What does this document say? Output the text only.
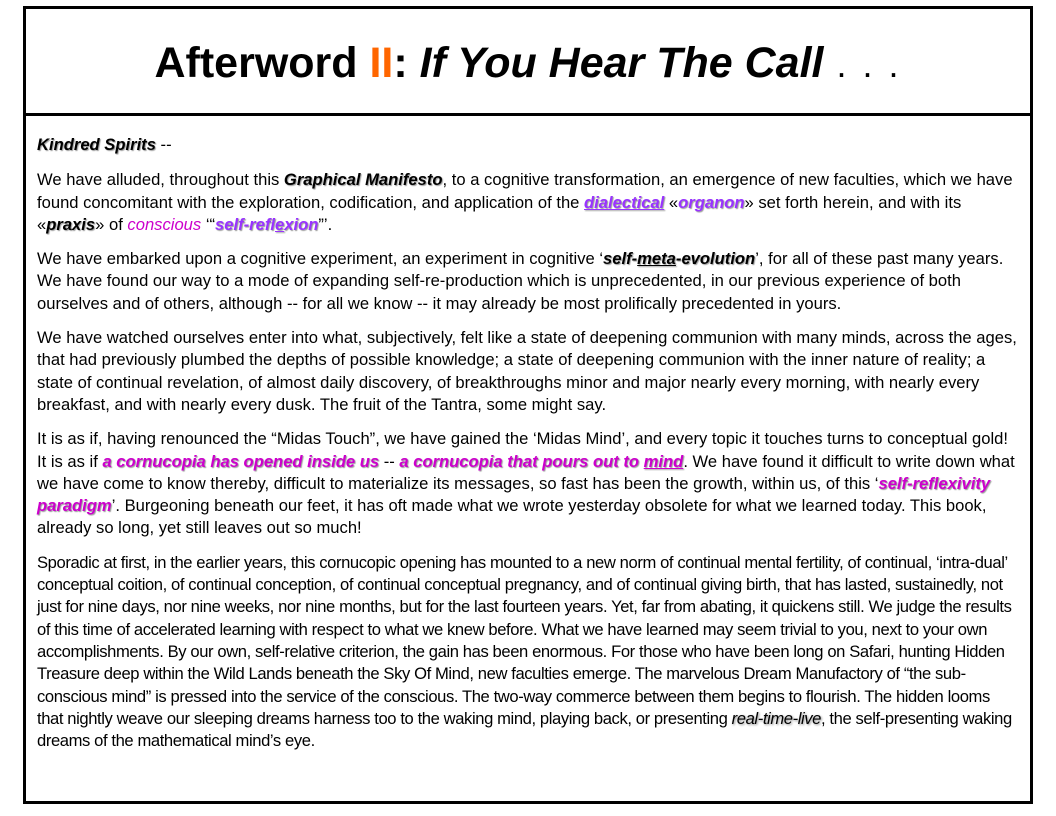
Afterword II: If You Hear The Call . . .

Kindred Spirits --

We have alluded, throughout this Graphical Manifesto, to a cognitive transformation, an emergence of new faculties, which we have found concomitant with the exploration, codification, and application of the dialectical «organon» set forth herein, and with its «praxis» of conscious ‘“self-reflexion”’.

We have embarked upon a cognitive experiment, an experiment in cognitive ‘self-meta-evolution’, for all of these past many years. We have found our way to a mode of expanding self-re-production which is unprecedented, in our previous experience of both ourselves and of others, although -- for all we know -- it may already be most prolifically precedented in yours.

We have watched ourselves enter into what, subjectively, felt like a state of deepening communion with many minds, across the ages, that had previously plumbed the depths of possible knowledge; a state of deepening communion with the inner nature of reality; a state of continual revelation, of almost daily discovery, of breakthroughs minor and major nearly every morning, with nearly every breakfast, and with nearly every dusk. The fruit of the Tantra, some might say.

It is as if, having renounced the “Midas Touch”, we have gained the ‘Midas Mind’, and every topic it touches turns to conceptual gold! It is as if a cornucopia has opened inside us -- a cornucopia that pours out to mind. We have found it difficult to write down what we have come to know thereby, difficult to materialize its messages, so fast has been the growth, within us, of this ‘self-reflexivity paradigm’. Burgeoning beneath our feet, it has oft made what we wrote yesterday obsolete for what we learned today. This book, already so long, yet still leaves out so much!

Sporadic at first, in the earlier years, this cornucopic opening has mounted to a new norm of continual mental fertility, of continual, ‘intra-dual’ conceptual coition, of continual conception, of continual conceptual pregnancy, and of continual giving birth, that has lasted, sustainedly, not just for nine days, nor nine weeks, nor nine months, but for the last fourteen years. Yet, far from abating, it quickens still. We judge the results of this time of accelerated learning with respect to what we knew before. What we have learned may seem trivial to you, next to your own accomplishments. By our own, self-relative criterion, the gain has been enormous. For those who have been long on Safari, hunting Hidden Treasure deep within the Wild Lands beneath the Sky Of Mind, new faculties emerge. The marvelous Dream Manufactory of “the sub-conscious mind” is pressed into the service of the conscious. The two-way commerce between them begins to flourish. The hidden looms that nightly weave our sleeping dreams harness too to the waking mind, playing back, or presenting real-time-live, the self-presenting waking dreams of the mathematical mind’s eye.
